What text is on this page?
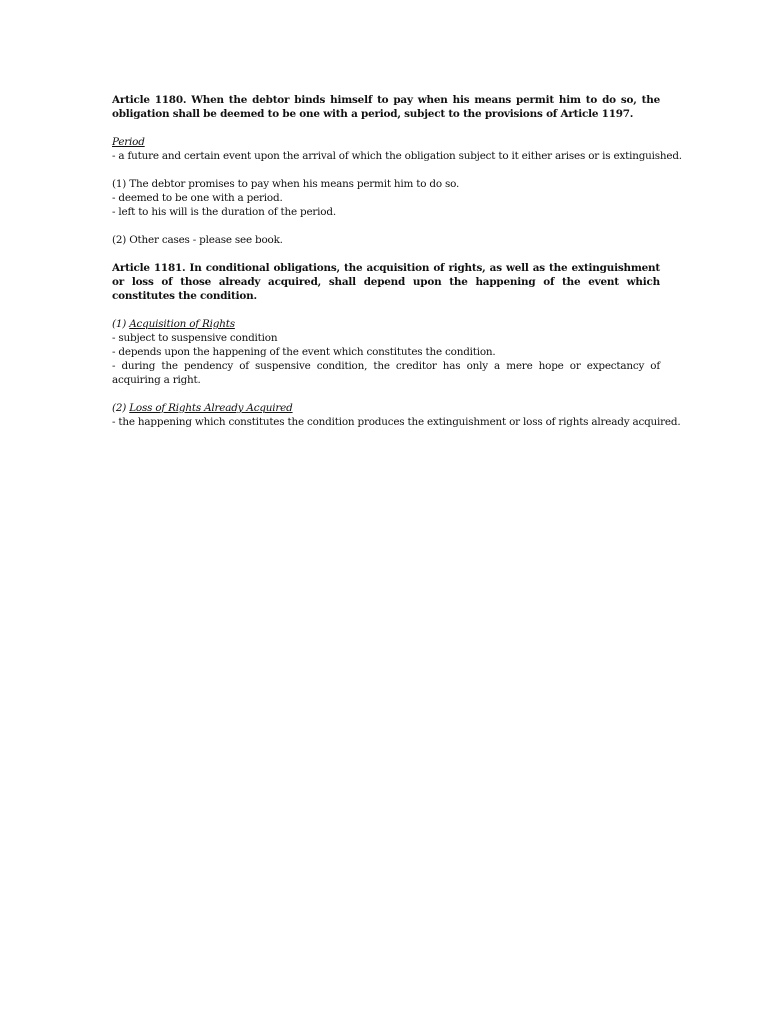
Article 1180. When the debtor binds himself to pay when his means permit him to do so, the obligation shall be deemed to be one with a period, subject to the provisions of Article 1197.

Period
- a future and certain event upon the arrival of which the obligation subject to it either arises or is extinguished.

(1) The debtor promises to pay when his means permit him to do so.
- deemed to be one with a period.
- left to his will is the duration of the period.

(2) Other cases - please see book.

Article 1181. In conditional obligations, the acquisition of rights, as well as the extinguishment or loss of those already acquired, shall depend upon the happening of the event which constitutes the condition.

(1) Acquisition of Rights
- subject to suspensive condition
- depends upon the happening of the event which constitutes the condition.

- during the pendency of suspensive condition, the creditor has only a mere hope or expectancy of acquiring a right.

(2) Loss of Rights Already Acquired
- the happening which constitutes the condition produces the extinguishment or loss of rights already acquired.
